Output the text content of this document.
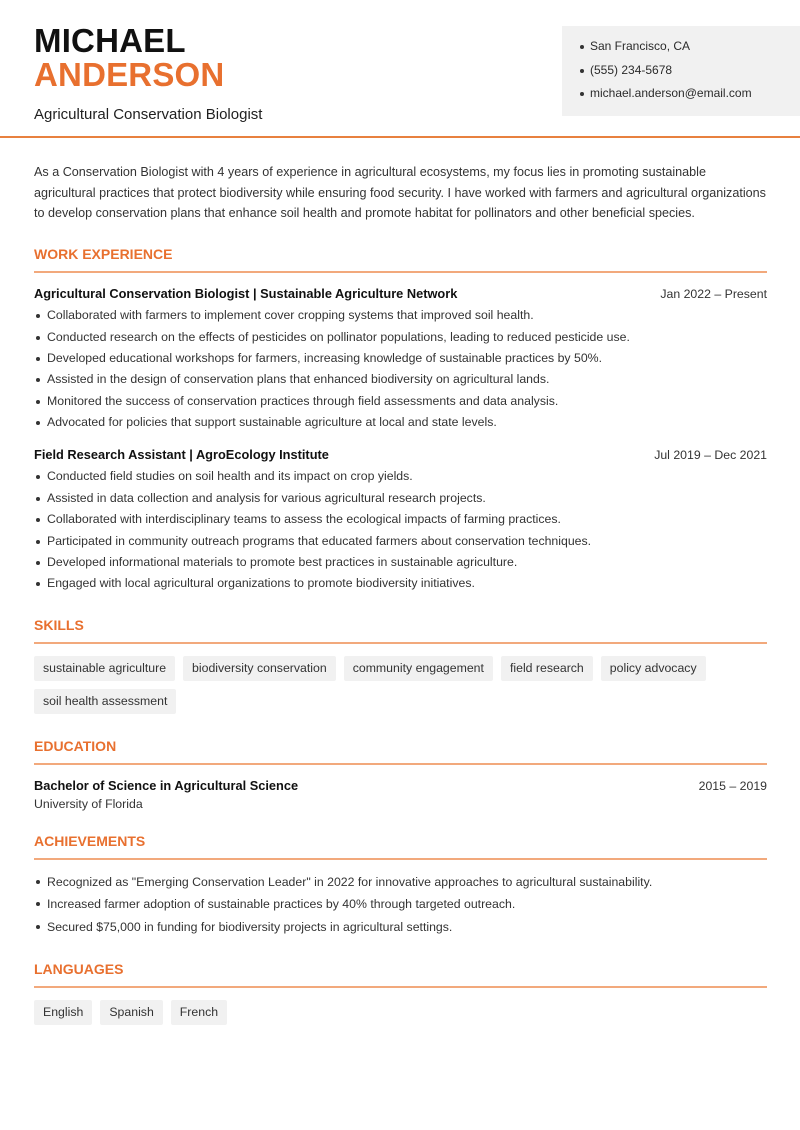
MICHAEL
ANDERSON
Agricultural Conservation Biologist
San Francisco, CA
(555) 234-5678
michael.anderson@email.com

As a Conservation Biologist with 4 years of experience in agricultural ecosystems, my focus lies in promoting sustainable agricultural practices that protect biodiversity while ensuring food security. I have worked with farmers and agricultural organizations to develop conservation plans that enhance soil health and promote habitat for pollinators and other beneficial species.

WORK EXPERIENCE
Agricultural Conservation Biologist | Sustainable Agriculture Network	Jan 2022 – Present
Collaborated with farmers to implement cover cropping systems that improved soil health.
Conducted research on the effects of pesticides on pollinator populations, leading to reduced pesticide use.
Developed educational workshops for farmers, increasing knowledge of sustainable practices by 50%.
Assisted in the design of conservation plans that enhanced biodiversity on agricultural lands.
Monitored the success of conservation practices through field assessments and data analysis.
Advocated for policies that support sustainable agriculture at local and state levels.
Field Research Assistant | AgroEcology Institute	Jul 2019 – Dec 2021
Conducted field studies on soil health and its impact on crop yields.
Assisted in data collection and analysis for various agricultural research projects.
Collaborated with interdisciplinary teams to assess the ecological impacts of farming practices.
Participated in community outreach programs that educated farmers about conservation techniques.
Developed informational materials to promote best practices in sustainable agriculture.
Engaged with local agricultural organizations to promote biodiversity initiatives.
SKILLS
sustainable agriculture	biodiversity conservation	community engagement	field research	policy advocacy
soil health assessment
EDUCATION
Bachelor of Science in Agricultural Science	2015 – 2019
University of Florida
ACHIEVEMENTS
Recognized as "Emerging Conservation Leader" in 2022 for innovative approaches to agricultural sustainability.
Increased farmer adoption of sustainable practices by 40% through targeted outreach.
Secured $75,000 in funding for biodiversity projects in agricultural settings.
LANGUAGES
English	Spanish	French
